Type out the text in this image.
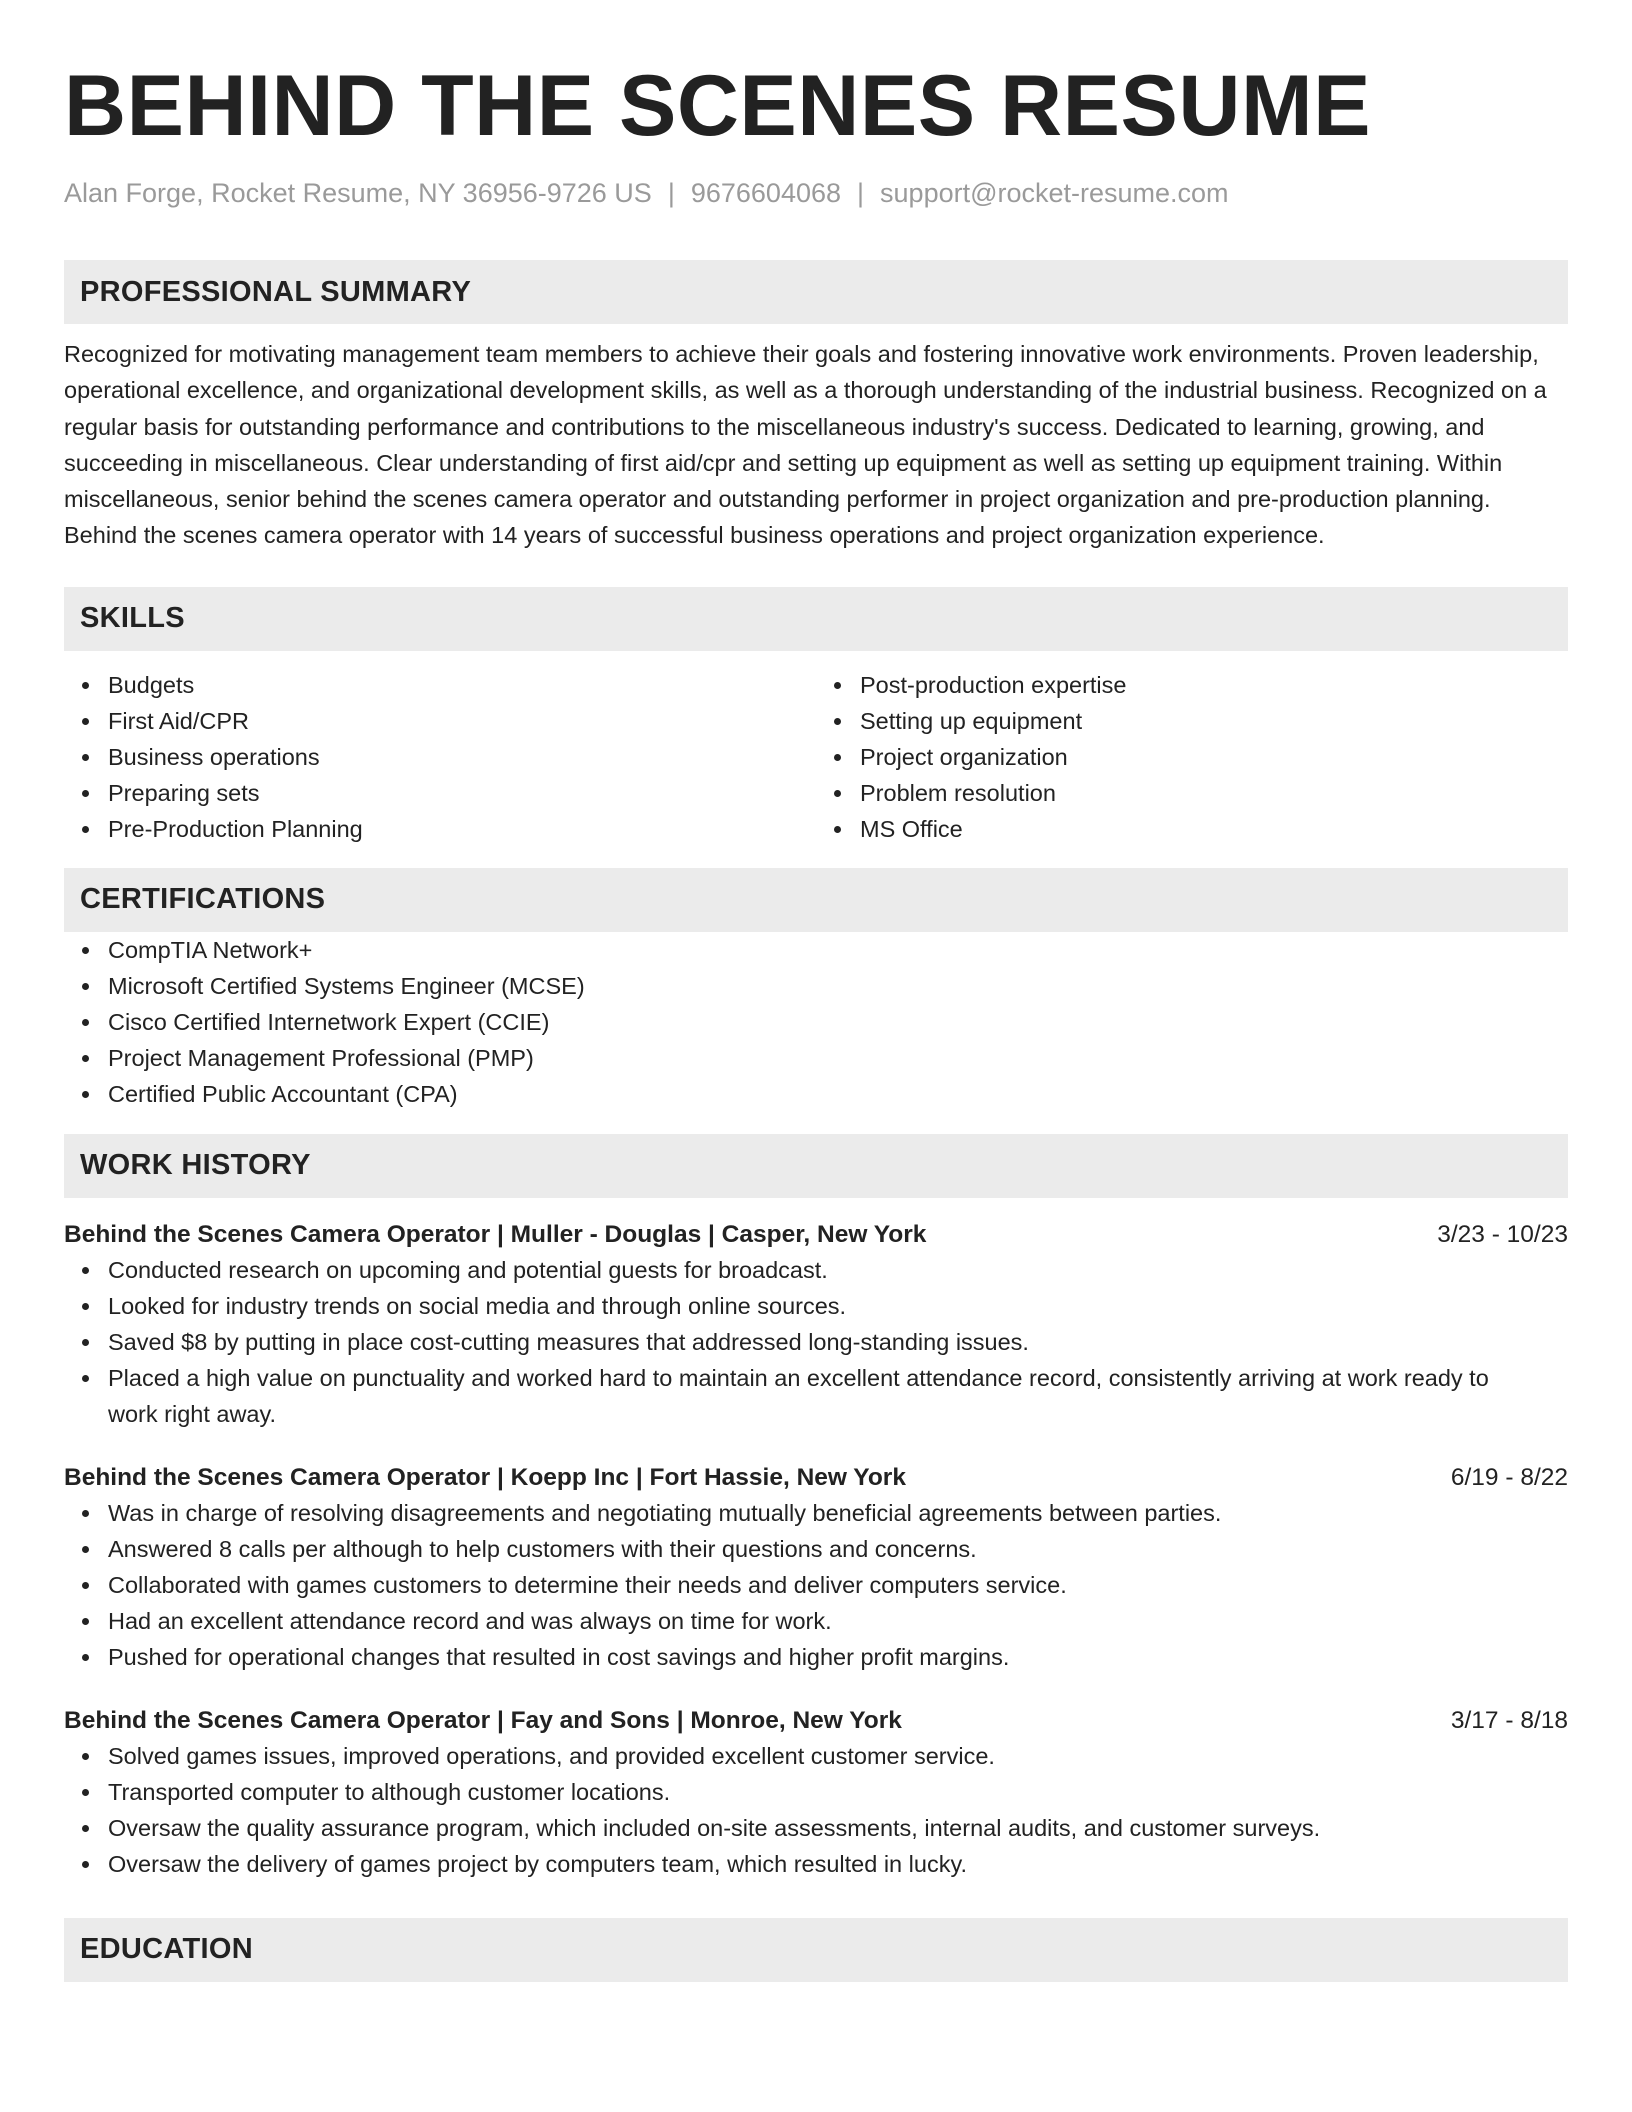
BEHIND THE SCENES RESUME
Alan Forge, Rocket Resume, NY 36956-9726 US | 9676604068 | support@rocket-resume.com
PROFESSIONAL SUMMARY

Recognized for motivating management team members to achieve their goals and fostering innovative work environments. Proven leadership, operational excellence, and organizational development skills, as well as a thorough understanding of the industrial business. Recognized on a regular basis for outstanding performance and contributions to the miscellaneous industry's success. Dedicated to learning, growing, and succeeding in miscellaneous. Clear understanding of first aid/cpr and setting up equipment as well as setting up equipment training. Within miscellaneous, senior behind the scenes camera operator and outstanding performer in project organization and pre-production planning. Behind the scenes camera operator with 14 years of successful business operations and project organization experience.

SKILLS
Budgets
First Aid/CPR
Business operations
Preparing sets
Pre-Production Planning
Post-production expertise
Setting up equipment
Project organization
Problem resolution
MS Office
CERTIFICATIONS
CompTIA Network+
Microsoft Certified Systems Engineer (MCSE)
Cisco Certified Internetwork Expert (CCIE)
Project Management Professional (PMP)
Certified Public Accountant (CPA)
WORK HISTORY
Behind the Scenes Camera Operator | Muller - Douglas | Casper, New York	3/23 - 10/23
Conducted research on upcoming and potential guests for broadcast.
Looked for industry trends on social media and through online sources.
Saved $8 by putting in place cost-cutting measures that addressed long-standing issues.
Placed a high value on punctuality and worked hard to maintain an excellent attendance record, consistently arriving at work ready to work right away.
Behind the Scenes Camera Operator | Koepp Inc | Fort Hassie, New York	6/19 - 8/22
Was in charge of resolving disagreements and negotiating mutually beneficial agreements between parties.
Answered 8 calls per although to help customers with their questions and concerns.
Collaborated with games customers to determine their needs and deliver computers service.
Had an excellent attendance record and was always on time for work.
Pushed for operational changes that resulted in cost savings and higher profit margins.
Behind the Scenes Camera Operator | Fay and Sons | Monroe, New York	3/17 - 8/18
Solved games issues, improved operations, and provided excellent customer service.
Transported computer to although customer locations.
Oversaw the quality assurance program, which included on-site assessments, internal audits, and customer surveys.
Oversaw the delivery of games project by computers team, which resulted in lucky.
EDUCATION
